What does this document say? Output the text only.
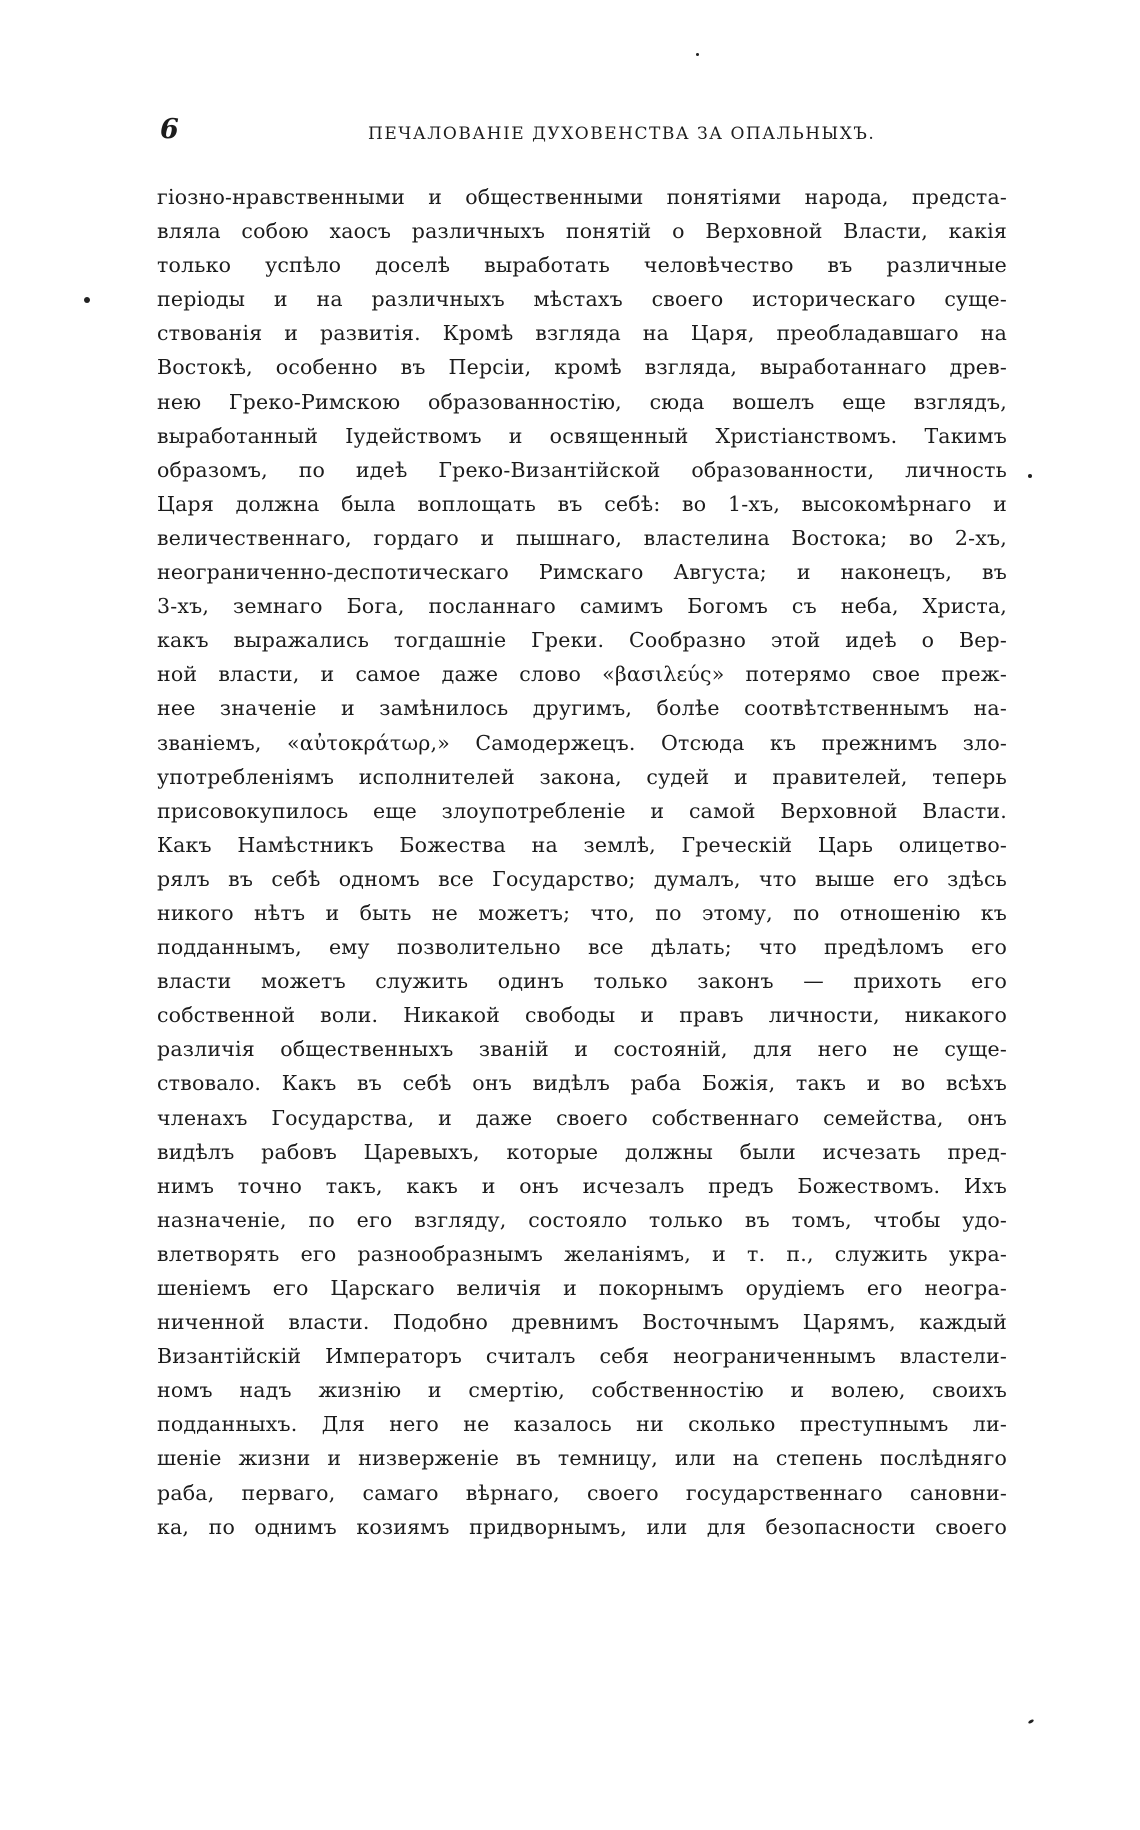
6	ПЕЧАЛОВАНІЕ ДУХОВЕНСТВА ЗА ОПАЛЬНЫХЪ.
гіозно-нравственными и общественными понятіями народа, предста-
вляла собою хаосъ различныхъ понятій о Верховной Власти, какія
только успѣло доселѣ выработать человѣчество въ различные
періоды и на различныхъ мѣстахъ своего историческаго суще-
ствованія и развитія. Кромѣ взгляда на Царя, преобладавшаго на
Востокѣ, особенно въ Персіи, кромѣ взгляда, выработаннаго древ-
нею Греко-Римскою образованностію, сюда вошелъ еще взглядъ,
выработанный Іудействомъ и освященный Христіанствомъ. Такимъ
образомъ, по идеѣ Греко-Византійской образованности, личность
Царя должна была воплощать въ себѣ: во 1-хъ, высокомѣрнаго и
величественнаго, гордаго и пышнаго, властелина Востока; во 2-хъ,
неограниченно-деспотическаго Римскаго Августа; и наконецъ, въ
3-хъ, земнаго Бога, посланнаго самимъ Богомъ съ неба, Христа,
какъ выражались тогдашніе Греки. Сообразно этой идеѣ о Вер-
ной власти, и самое даже слово «βασιλεύς» потерямо свое преж-
нее значеніе и замѣнилось другимъ, болѣе соотвѣтственнымъ на-
званіемъ, «αὐτοκράτωρ,» Самодержецъ. Отсюда къ прежнимъ зло-
употребленіямъ исполнителей закона, судей и правителей, теперь
присовокупилось еще злоупотребленіе и самой Верховной Власти.
Какъ Намѣстникъ Божества на землѣ, Греческій Царь олицетво-
рялъ въ себѣ одномъ все Государство; думалъ, что выше его здѣсь
никого нѣтъ и быть не можетъ; что, по этому, по отношенію къ
подданнымъ, ему позволительно все дѣлать; что предѣломъ его
власти можетъ служить одинъ только законъ — прихоть его
собственной воли. Никакой свободы и правъ личности, никакого
различія общественныхъ званій и состояній, для него не суще-
ствовало. Какъ въ себѣ онъ видѣлъ раба Божія, такъ и во всѣхъ
членахъ Государства, и даже своего собственнаго семейства, онъ
видѣлъ рабовъ Царевыхъ, которые должны были исчезать пред-
нимъ точно такъ, какъ и онъ исчезалъ предъ Божествомъ. Ихъ
назначеніе, по его взгляду, состояло только въ томъ, чтобы удо-
влетворять его разнообразнымъ желаніямъ, и т. п., служить укра-
шеніемъ его Царскаго величія и покорнымъ орудіемъ его неогра-
ниченной власти. Подобно древнимъ Восточнымъ Царямъ, каждый
Византійскій Императоръ считалъ себя неограниченнымъ властели-
номъ надъ жизнію и смертію, собственностію и волею, своихъ
подданныхъ. Для него не казалось ни сколько преступнымъ ли-
шеніе жизни и низверженіе въ темницу, или на степень послѣдняго
раба, перваго, самаго вѣрнаго, своего государственнаго сановни-
ка, по однимъ козиямъ придворнымъ, или для безопасности своего
